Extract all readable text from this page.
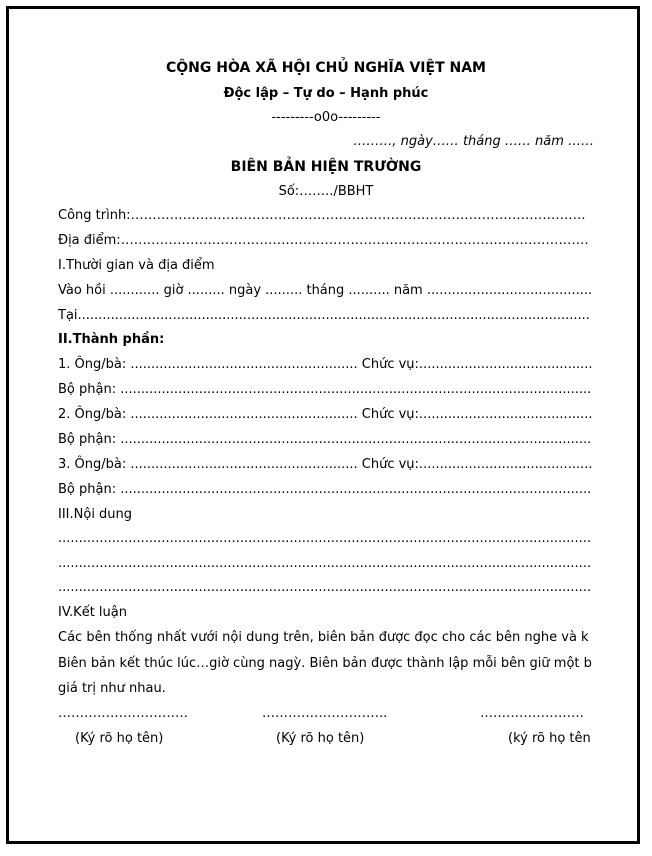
CỘNG HÒA XÃ HỘI CHỦ NGHĨA VIỆT NAM
Độc lập – Tự do – Hạnh phúc
---------o0o---------
………, ngày…… tháng …… năm ……
BIÊN BẢN HIỆN TRƯỜNG
Số:……../BBHT
Công trình:……………………………………………………………………………………………
Địa điểm:………………………………………………………………………………………………
I.Thười gian và địa điểm
Vào hồi ............ giờ ......... ngày ......... tháng .......... năm ........................................
Tại............................................................................................................................
II.Thành phần:
1. Ông/bà: ....................................................... Chức vụ:..........................................
Bộ phận: ..................................................................................................................
2. Ông/bà: ....................................................... Chức vụ:..........................................
Bộ phận: ..................................................................................................................
3. Ông/bà: ....................................................... Chức vụ:..........................................
Bộ phận: ..................................................................................................................
III.Nội dung
.................................................................................................................................
.................................................................................................................................
.................................................................................................................................
IV.Kết luận
Các bên thống nhất vưới nội dung trên, biên bản được đọc cho các bên nghe và k
Biên bản kết thúc lúc…giờ cùng nagỳ. Biên bản được thành lập mỗi bên giữ một b
giá trị như nhau.
…………………………	………………………..	……………………
(Ký rõ họ tên)	(Ký rõ họ tên)	(ký rõ họ tên
